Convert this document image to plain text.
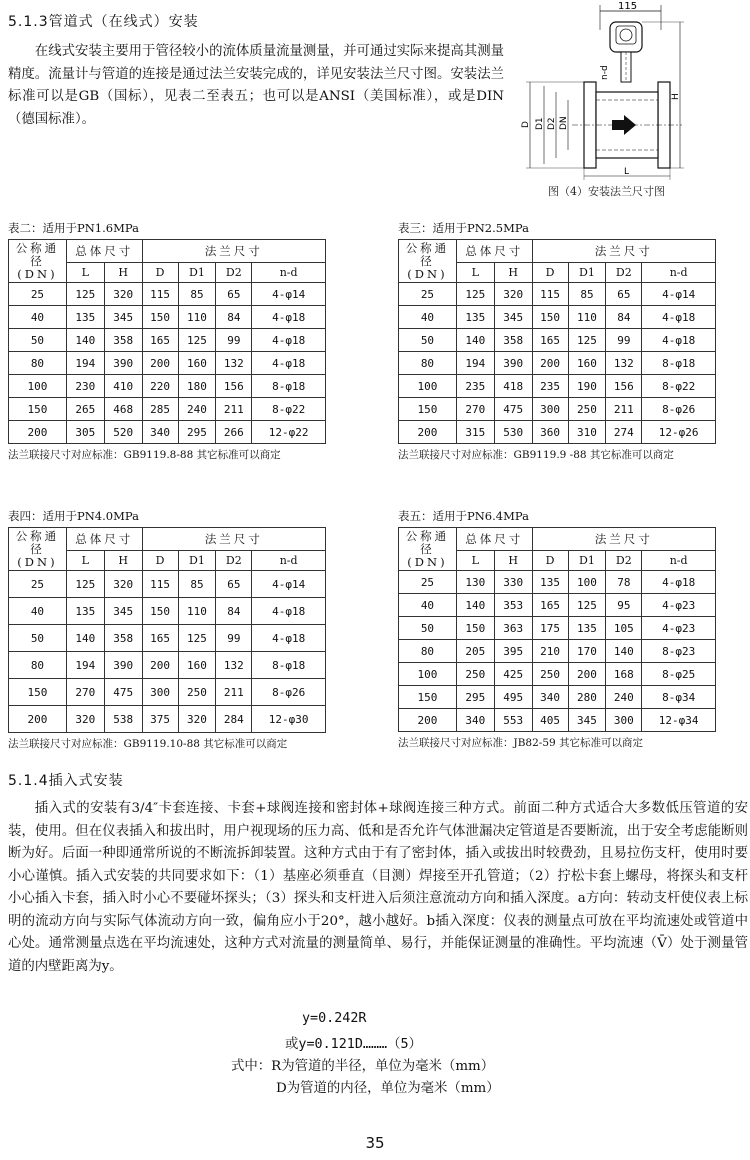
5.1.3管道式（在线式）安装
在线式安装主要用于管径较小的流体质量流量测量，并可通过实际来提高其测量精度。流量计与管道的连接是通过法兰安装完成的，详见安装法兰尺寸图。安装法兰标准可以是GB（国标），见表二至表五；也可以是ANSI（美国标准），或是DIN（德国标准）。
115
n-d
D D1 D2 DN
H
L
图（4）安装法兰尺寸图
表二：适用于PN1.6MPa
公称通径 (DN)	总体尺寸		法兰尺寸			
	L	H	D	D1	D2	n-d
25	125	320	115	85	65	4-φ14
40	135	345	150	110	84	4-φ18
50	140	358	165	125	99	4-φ18
80	194	390	200	160	132	4-φ18
100	230	410	220	180	156	8-φ18
150	265	468	285	240	211	8-φ22
200	305	520	340	295	266	12-φ22
法兰联接尺寸对应标准：GB9119.8-88 其它标准可以商定
表三：适用于PN2.5MPa
公称通径 (DN)	总体尺寸		法兰尺寸			
	L	H	D	D1	D2	n-d
25	125	320	115	85	65	4-φ14
40	135	345	150	110	84	4-φ18
50	140	358	165	125	99	4-φ18
80	194	390	200	160	132	8-φ18
100	235	418	235	190	156	8-φ22
150	270	475	300	250	211	8-φ26
200	315	530	360	310	274	12-φ26
法兰联接尺寸对应标准：GB9119.9 -88 其它标准可以商定
表四：适用于PN4.0MPa
公称通径 (DN)	总体尺寸		法兰尺寸			
	L	H	D	D1	D2	n-d
25	125	320	115	85	65	4-φ14
40	135	345	150	110	84	4-φ18
50	140	358	165	125	99	4-φ18
80	194	390	200	160	132	8-φ18
150	270	475	300	250	211	8-φ26
200	320	538	375	320	284	12-φ30
法兰联接尺寸对应标准：GB9119.10-88 其它标准可以商定
表五：适用于PN6.4MPa
公称通径 (DN)	总体尺寸		法兰尺寸			
	L	H	D	D1	D2	n-d
25	130	330	135	100	78	4-φ18
40	140	353	165	125	95	4-φ23
50	150	363	175	135	105	4-φ23
80	205	395	210	170	140	8-φ23
100	250	425	250	200	168	8-φ25
150	295	495	340	280	240	8-φ34
200	340	553	405	345	300	12-φ34
法兰联接尺寸对应标准：JB82-59 其它标准可以商定
5.1.4插入式安装
插入式的安装有3/4″卡套连接、卡套+球阀连接和密封体+球阀连接三种方式。前面二种方式适合大多数低压管道的安装，使用。但在仪表插入和拔出时，用户视现场的压力高、低和是否允许气体泄漏决定管道是否要断流，出于安全考虑能断则断为好。后面一种即通常所说的不断流拆卸装置。这种方式由于有了密封体，插入或拔出时较费劲，且易拉伤支杆，使用时要小心谨慎。插入式安装的共同要求如下：（1）基座必须垂直（目测）焊接至开孔管道；（2）拧松卡套上螺母，将探头和支杆小心插入卡套，插入时小心不要碰坏探头；（3）探头和支杆进入后须注意流动方向和插入深度。a方向：转动支杆使仪表上标明的流动方向与实际气体流动方向一致，偏角应小于20°，越小越好。b插入深度：仪表的测量点可放在平均流速处或管道中心处。通常测量点选在平均流速处，这种方式对流量的测量简单、易行，并能保证测量的准确性。平均流速（V̄）处于测量管道的内壁距离为y。
y=0.242R
或y=0.121D………（5）
式中：R为管道的半径，单位为毫米（mm）
D为管道的内径，单位为毫米（mm）
35
